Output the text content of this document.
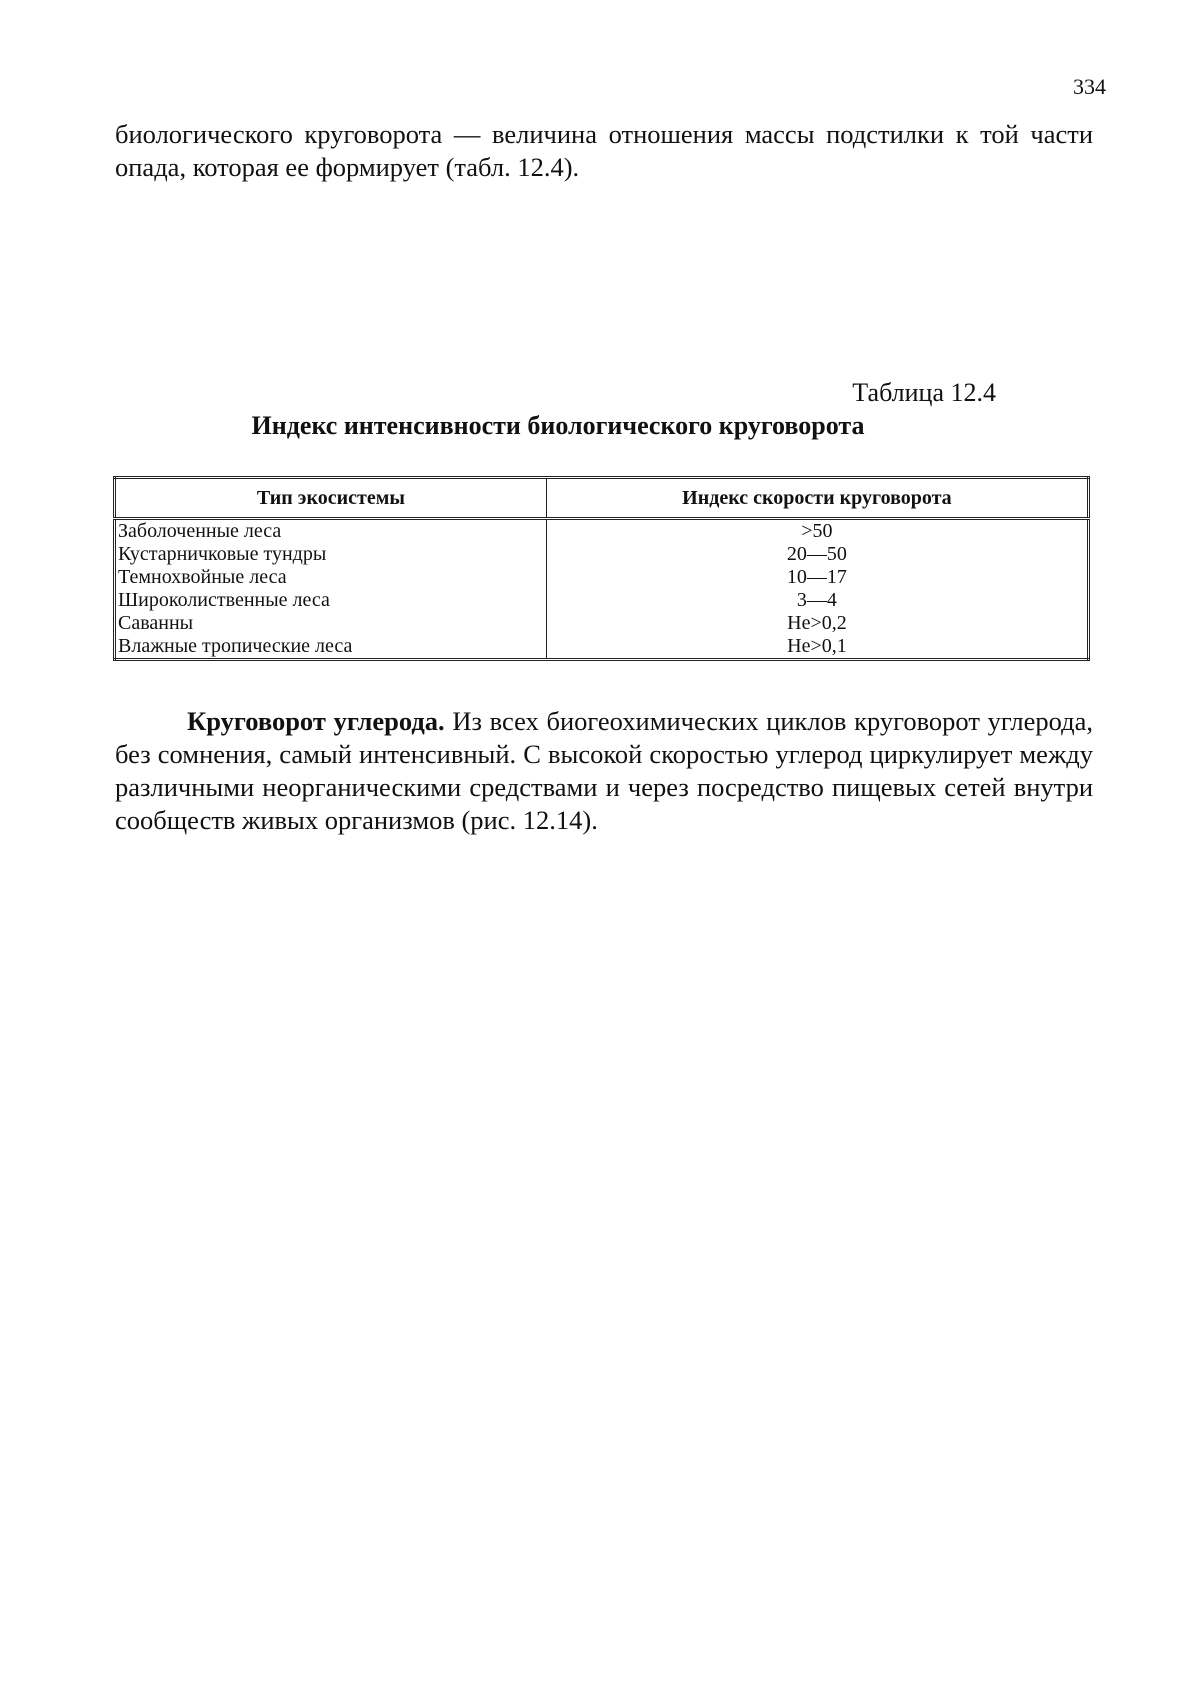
334

биологического круговорота — величина отношения массы подстилки к той части опада, которая ее формирует (табл. 12.4).

Таблица 12.4
Индекс интенсивности биологического круговорота
Тип экосистемы	Индекс скорости круговорота
Заболоченные леса	>50
Кустарничковые тундры	20—50
Темнохвойные леса	10—17
Широколиственные леса	3—4
Саванны	Не>0,2
Влажные тропические леса	Не>0,1

Круговорот углерода. Из всех биогеохимических циклов круговорот углерода, без сомнения, самый интенсивный. С высокой скоростью углерод циркулирует между различными неорганическими средствами и через посредство пищевых сетей внутри сообществ живых организмов (рис. 12.14).
